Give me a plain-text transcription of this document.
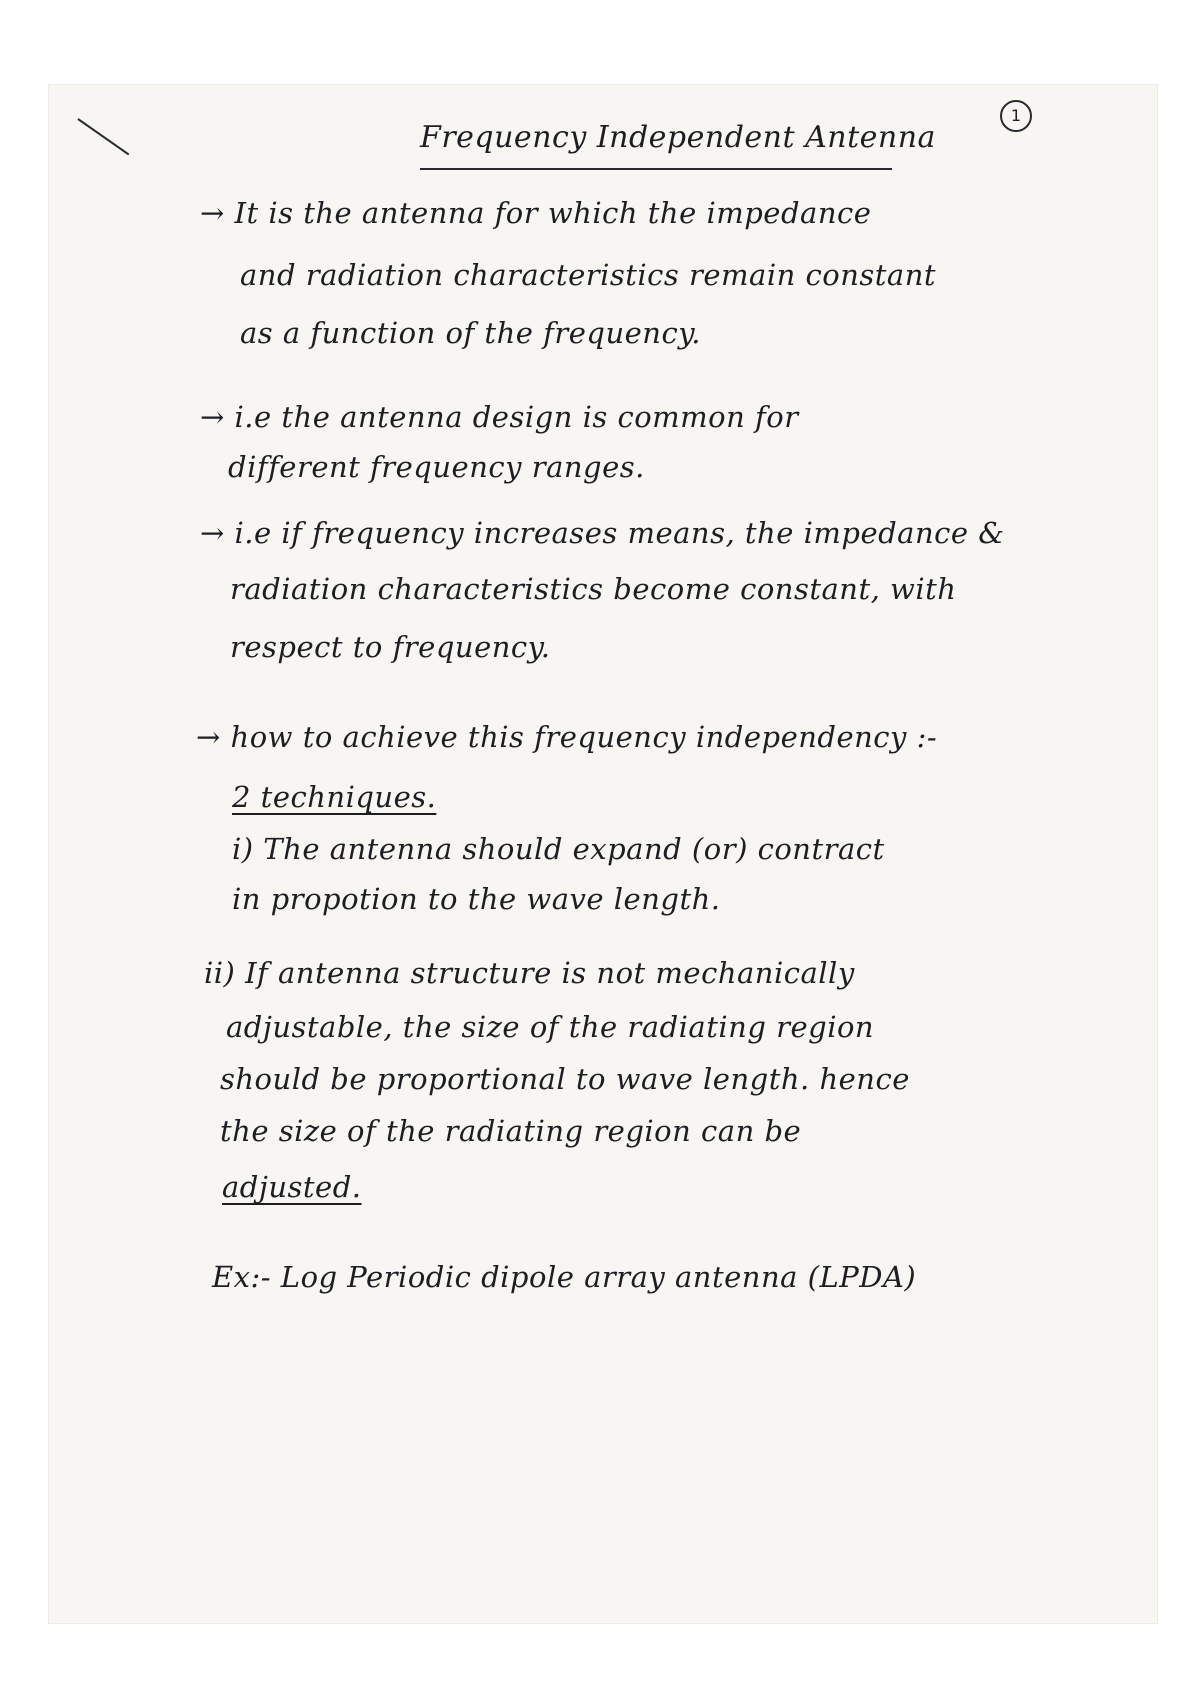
Frequency Independent Antenna
1
→ It is the antenna for which the impedance
and radiation characteristics remain constant
as a function of the frequency.
→ i.e the antenna design is common for
different frequency ranges.
→ i.e if frequency increases means, the impedance &
radiation characteristics become constant, with
respect to frequency.
→ how to achieve this frequency independency :-
2 techniques.
i) The antenna should expand (or) contract
in propotion to the wave length.
ii) If antenna structure is not mechanically
adjustable, the size of the radiating region
should be proportional to wave length. hence
the size of the radiating region can be
adjusted.
Ex:- Log Periodic dipole array antenna (LPDA)
